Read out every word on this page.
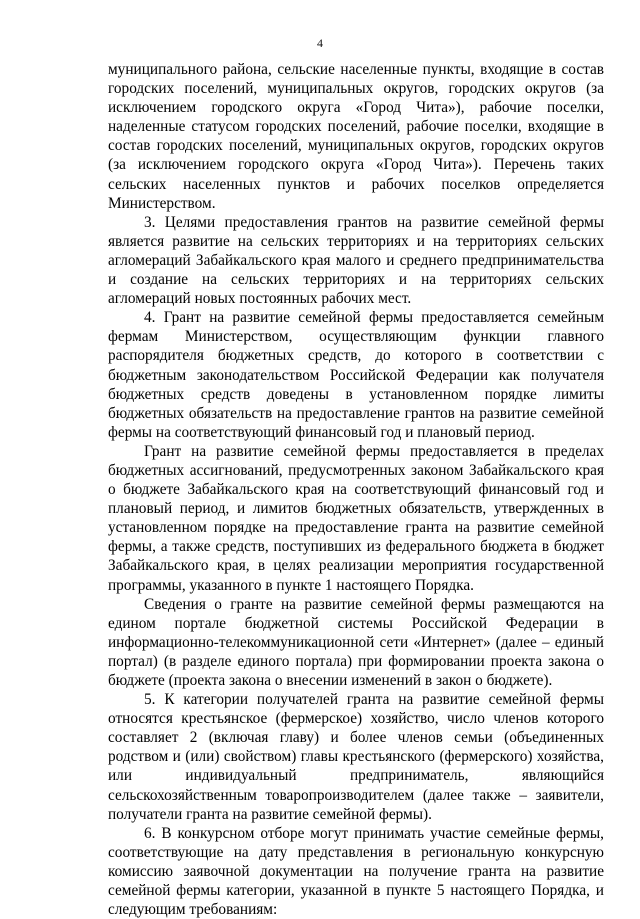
4

муниципального района, сельские населенные пункты, входящие в состав городских поселений, муниципальных округов, городских округов (за исключением городского округа «Город Чита»), рабочие поселки, наделенные статусом городских поселений, рабочие поселки, входящие в состав городских поселений, муниципальных округов, городских округов (за исключением городского округа «Город Чита»). Перечень таких сельских населенных пунктов и рабочих поселков определяется Министерством.

3. Целями предоставления грантов на развитие семейной фермы является развитие на сельских территориях и на территориях сельских агломераций Забайкальского края малого и среднего предпринимательства и создание на сельских территориях и на территориях сельских агломераций новых постоянных рабочих мест.

4. Грант на развитие семейной фермы предоставляется семейным фермам Министерством, осуществляющим функции главного распорядителя бюджетных средств, до которого в соответствии с бюджетным законодательством Российской Федерации как получателя бюджетных средств доведены в установленном порядке лимиты бюджетных обязательств на предоставление грантов на развитие семейной фермы на соответствующий финансовый год и плановый период.

Грант на развитие семейной фермы предоставляется в пределах бюджетных ассигнований, предусмотренных законом Забайкальского края о бюджете Забайкальского края на соответствующий финансовый год и плановый период, и лимитов бюджетных обязательств, утвержденных в установленном порядке на предоставление гранта на развитие семейной фермы, а также средств, поступивших из федерального бюджета в бюджет Забайкальского края, в целях реализации мероприятия государственной программы, указанного в пункте 1 настоящего Порядка.

Сведения о гранте на развитие семейной фермы размещаются на едином портале бюджетной системы Российской Федерации в информационно-телекоммуникационной сети «Интернет» (далее – единый портал) (в разделе единого портала) при формировании проекта закона о бюджете (проекта закона о внесении изменений в закон о бюджете).

5. К категории получателей гранта на развитие семейной фермы относятся крестьянское (фермерское) хозяйство, число членов которого составляет 2 (включая главу) и более членов семьи (объединенных родством и (или) свойством) главы крестьянского (фермерского) хозяйства, или индивидуальный предприниматель, являющийся сельскохозяйственным товаропроизводителем (далее также – заявители, получатели гранта на развитие семейной фермы).

6. В конкурсном отборе могут принимать участие семейные фермы, соответствующие на дату представления в региональную конкурсную комиссию заявочной документации на получение гранта на развитие семейной фермы категории, указанной в пункте 5 настоящего Порядка, и следующим требованиям:
